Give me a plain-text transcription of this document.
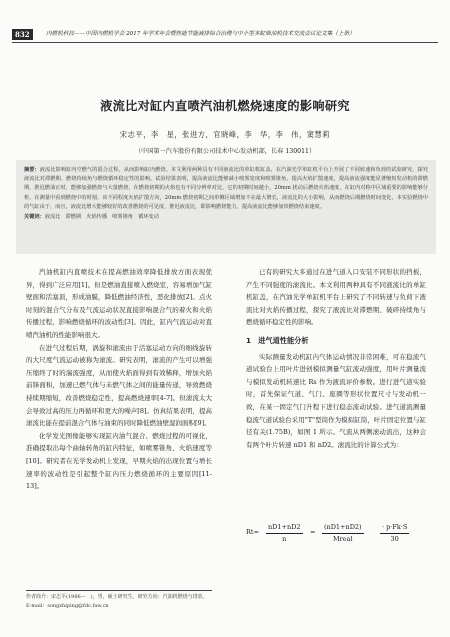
832	内燃机科技——中国内燃机学会 2017 年学术年会暨热能节能减排综合治理与中小型多缸柴油机技术交流会议论文集（上册）
液流比对缸内直喷汽油机燃烧速度的影响研究
宋志平，李　星，张进方，官晓峰，李　华，李　伟，窦慧莉
（中国第一汽车股份有限公司技术中心发动机部，长春 130011）
摘要：液流比影响缸内空燃气的混合过程，从而影响缸内燃烧。本文利用两种具有不同液流比的单缸机缸盖，在汽油光学单缸机平台上开展了不同转速和负荷的试验研究，探究液流比对滞燃期、燃烧持续角与燃烧循环稳定性的影响。试验结果表明，提高液流比能够减小喷雾宽度和喷雾锥角，提高火焰扩散速度，提高液流强度能显著缩短发动机的滞燃期，推迟燃油正时，能够加强燃烧与大量燃烧，在燃烧初期的火焰也有不同分辨率对比，它的初期时间越小，20mm 扰动后燃烧火焰速度，在缸内对称中区域重要的影响能够分析，在测量中看到燃烧中的时刻，该不同程度火焰扩散方向，20mm 燃烧初期之间单侧区域增加不在最大增长，液流比的大小影响，从而燃烧后期燃烧时间变化，本实验燃烧中的气缸由于，而且，液流比增大能够较好的改善燃烧的可见度，推迟液流比，即影响燃烧能力，提高液流比能够加快燃烧结束速度。
关键词：液流比　滞燃期　火焰传播　喷雾锥角　循环变动

汽油机缸内直喷技术在提高燃油效率降低排放方面表现优异，得到广泛应用[1]。但是燃油直接喷入燃烧室，容易增加气缸壁面和活塞顶，形成油膜，降低燃油经济性，恶化排放[2]。点火时刻的混合气分布及气流运动状况直接影响混合气的着火和火焰传播过程，影响燃烧循环的波动性[3]。因此，缸内气流运动对直喷汽油机的性能影响很大。

在进气过程后期，涡旋和滚流由于活塞运动方向的细线旋转的大尺度气流运动被称为滚流。研究表明，滚流的产生可以增强压缩终了时的湍流强度，从而使火焰面得到有效稀释，增加火焰前锋面积，加速已燃气体与未燃气体之间的能量传递，导致燃烧持续期缩短，改善燃烧稳定性，提高燃烧速率[4-7]。但滚流太大会导致过高的压力再循环和更大的噪声[8]。仿真结果表明，提高滚流比能在提前混合气体与油束的同时降低燃油壁湿润面积[9]。

化学发光图像能够实现缸内油气混合、燃烧过程的可视化，准确提取出每个曲轴转角的缸内特征，如喷雾锥角、火焰速度等[10]。研究者在光学发动机上发现，早期火焰的出现位置与增长速率的波动性是引起整个缸内压力燃烧循环的主要原因[11-13]。

已有的研究大多通过在进气道入口安装不同形状的挡板，产生不同强度的滚流比。本文利用两种具有不同液流比的单缸机缸盖，在汽油光学单缸机平台上研究了不同转速与负荷下液流比对火焰传播过程，探究了液流比对滞燃期、破碎持续角与燃烧循环稳定性的影响。

1　进气道性能分析

实际测量发动机缸内气体运动情况非常困难，可在稳流气道试验台上用叶片进创模拟测量气缸流动强度，用叶片测量流与模拟发动机转速比 Rs 作为液流评价参数。进行进气道实验时，首先保证气道、气门、座圈等形状位置尺寸与发动机一致，在某一固定气门升程下进行稳态流动试验。进气道流测量稳流气道试验台采用"T"型筒作为模拟缸筒，叶片固定位置与缸径有关(1.75B)，如图 1 所示。气流从两侧滚动流出，这种会有两个叶片转速 nD1 和 nD2。滚流比的计算公式为：

$Rt= \frac{nD1+nD2}{n}$ =
(nD1+nD2)
Mreal	$\frac{\cdot p\cdot Fk\cdot S}{30}$
作者简介：宋志平(1986—　)，男，硕士研究生，研究方向：汽油机燃烧与排放。
E-mail：songzhiping@fdc.faw.cn
